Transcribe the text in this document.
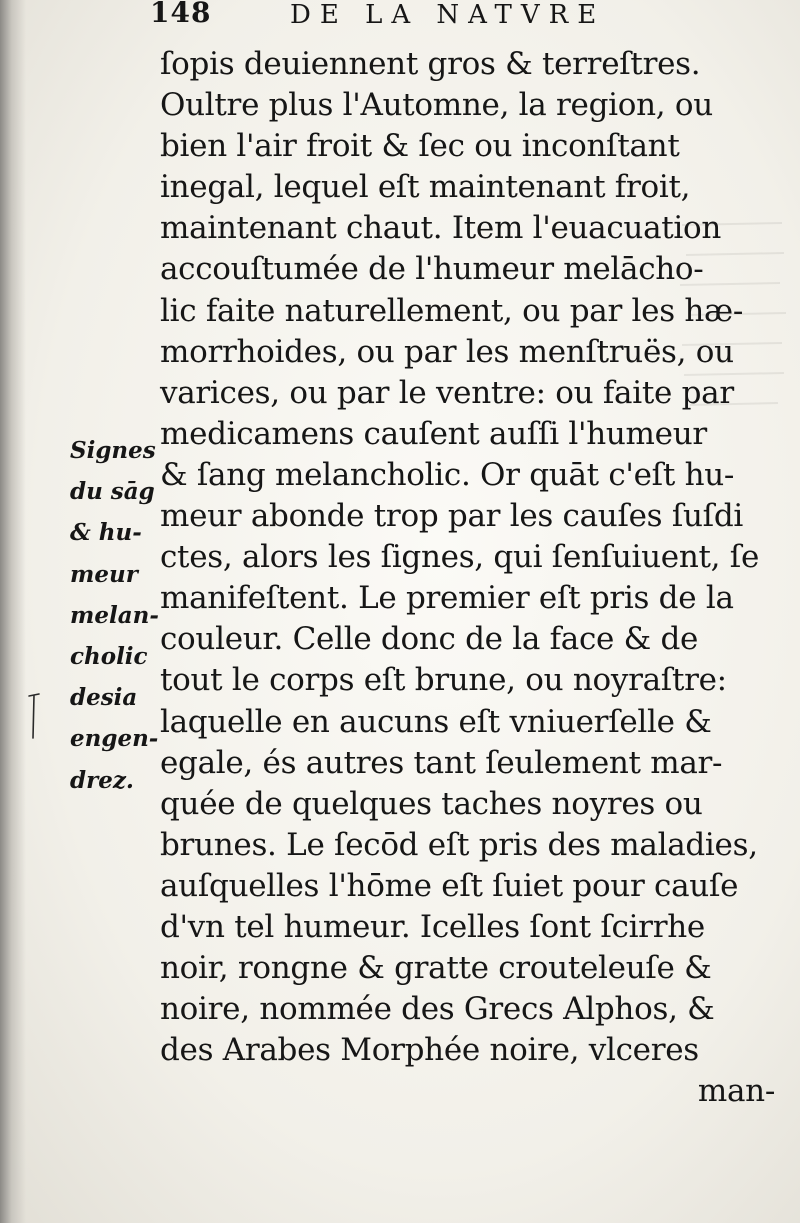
148	DE LA NATVRE
ſopis deuiennent gros & terreſtres.
Oultre plus l'Automne, la region, ou
bien l'air froit & ſec ou inconſtant
inegal, lequel eſt maintenant froit,
maintenant chaut. Item l'euacuation
accouſtumée de l'humeur melācho-
lic faite naturellement, ou par les hæ-
morrhoides, ou par les menſtruës, ou
varices, ou par le ventre: ou faite par
medicamens cauſent auſſi l'humeur
& ſang melancholic. Or quāt c'eſt hu-
meur abonde trop par les cauſes ſuſdi
ctes, alors les ſignes, qui ſenſuiuent, ſe
manifeſtent. Le premier eſt pris de la
couleur. Celle donc de la face & de
tout le corps eſt brune, ou noyraſtre:
laquelle en aucuns eſt vniuerſelle &
egale, és autres tant ſeulement mar-
quée de quelques taches noyres ou
brunes. Le ſecōd eſt pris des maladies,
auſquelles l'hōme eſt ſuiet pour cauſe
d'vn tel humeur. Icelles ſont ſcirrhe
noir, rongne & gratte crouteleuſe &
noire, nommée des Grecs Alphos, &
des Arabes Morphée noire, vlceres
man-
Signes
du sāg
& hu-
meur
melan-
cholic
desia
engen-
drez.
